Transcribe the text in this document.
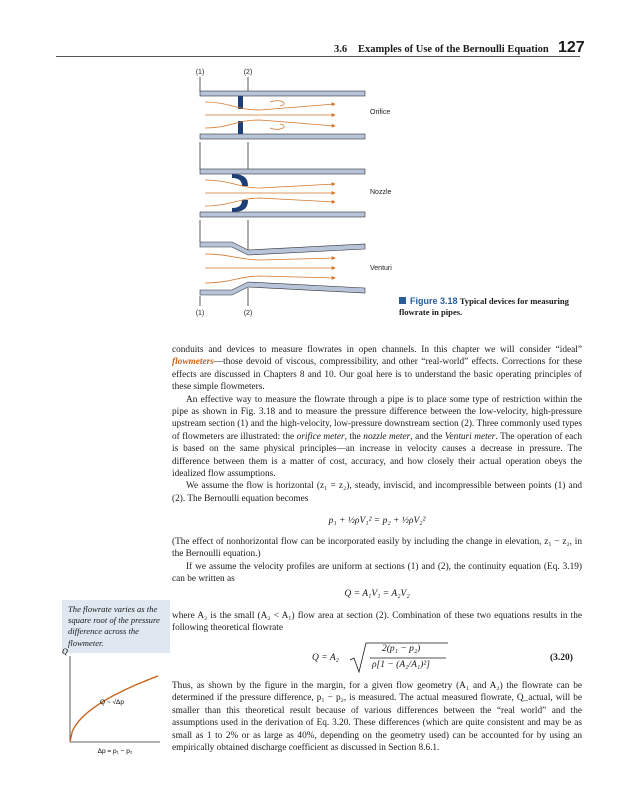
3.6 Examples of Use of the Bernoulli Equation 127
(1)	(2)
Orifice
Nozzle
Venturi
(1)	(2)
Figure 3.18 Typical devices for measuring flowrate in pipes.

conduits and devices to measure flowrates in open channels. In this chapter we will consider “ideal” flowmeters—those devoid of viscous, compressibility, and other “real-world” effects. Corrections for these effects are discussed in Chapters 8 and 10. Our goal here is to understand the basic operating principles of these simple flowmeters.

An effective way to measure the flowrate through a pipe is to place some type of restriction within the pipe as shown in Fig. 3.18 and to measure the pressure difference between the low-velocity, high-pressure upstream section (1) and the high-velocity, low-pressure downstream section (2). Three commonly used types of flowmeters are illustrated: the orifice meter, the nozzle meter, and the Venturi meter. The operation of each is based on the same physical principles—an increase in velocity causes a decrease in pressure. The difference between them is a matter of cost, accuracy, and how closely their actual operation obeys the idealized flow assumptions.

We assume the flow is horizontal (z₁ = z₂), steady, inviscid, and incompressible between points (1) and (2). The Bernoulli equation becomes

p₁ + ½ρV₁² = p₂ + ½ρV₂²

(The effect of nonhorizontal flow can be incorporated easily by including the change in elevation, z₁ − z₂, in the Bernoulli equation.)

If we assume the velocity profiles are uniform at sections (1) and (2), the continuity equation (Eq. 3.19) can be written as

Q = A₁V₁ = A₂V₂

where A₂ is the small (A₂ < A₁) flow area at section (2). Combination of these two equations results in the following theoretical flowrate

Q = A₂
2(p₁ − p₂)
ρ[1 − (A₂/A₁)²]
(3.20)

Thus, as shown by the figure in the margin, for a given flow geometry (A₁ and A₂) the flowrate can be determined if the pressure difference, p₁ − p₂, is measured. The actual measured flowrate, Q_actual, will be smaller than this theoretical result because of various differences between the “real world” and the assumptions used in the derivation of Eq. 3.20. These differences (which are quite consistent and may be as small as 1 to 2% or as large as 40%, depending on the geometry used) can be accounted for by using an empirically obtained discharge coefficient as discussed in Section 8.6.1.

The flowrate varies as the square root of the pressure difference across the flowmeter.
Q
Q ~ √Δp
Δp = p₁ − p₂
